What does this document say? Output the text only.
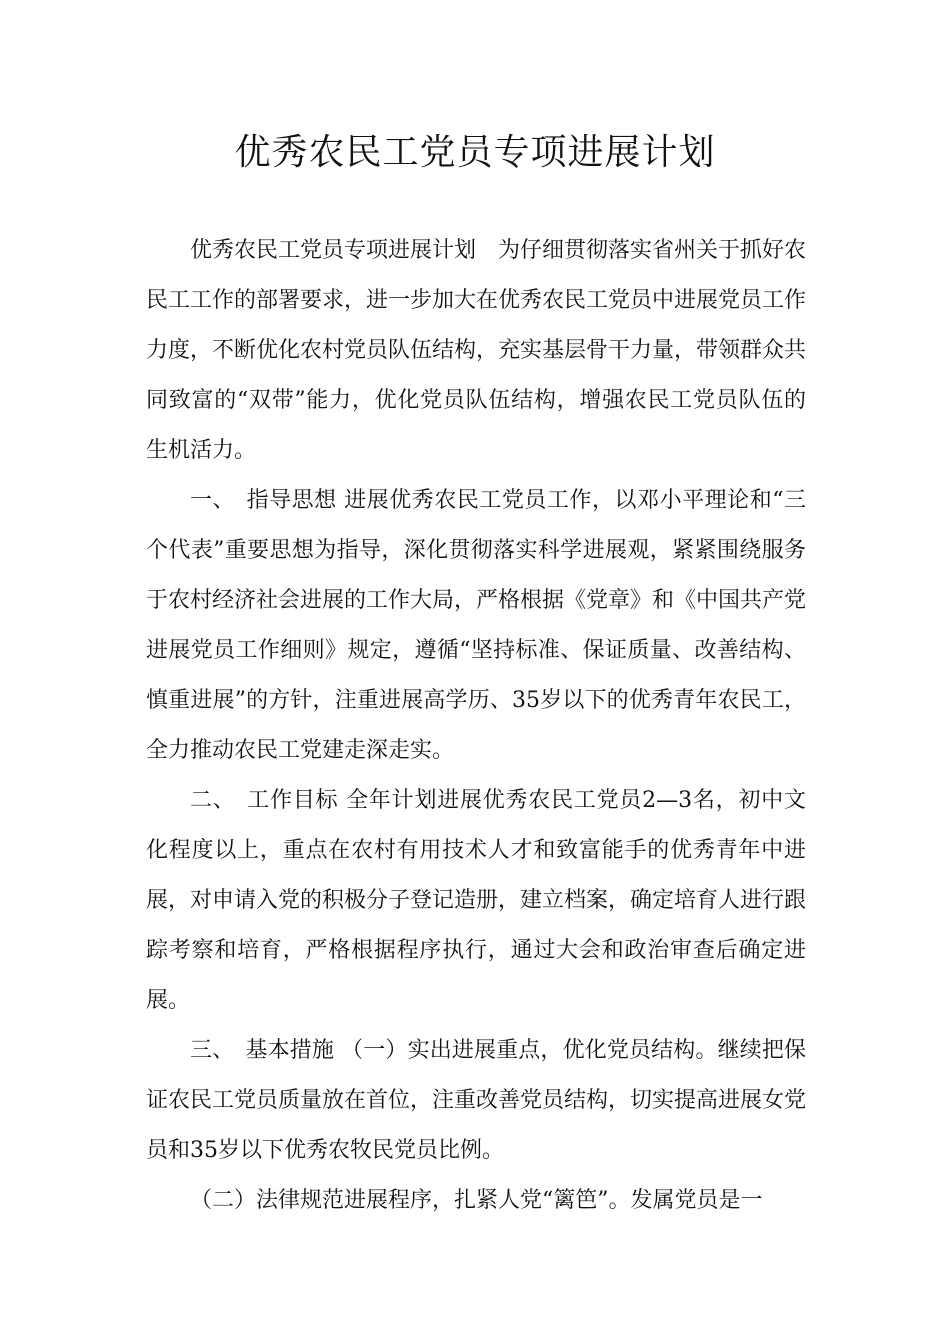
优秀农民工党员专项进展计划

优秀农民工党员专项进展计划　为仔细贯彻落实省州关于抓好农民工工作的部署要求，进一步加大在优秀农民工党员中进展党员工作力度，不断优化农村党员队伍结构，充实基层骨干力量，带领群众共同致富的“双带”能力，优化党员队伍结构，增强农民工党员队伍的生机活力。

一、　指导思想 进展优秀农民工党员工作，以邓小平理论和“三个代表”重要思想为指导，深化贯彻落实科学进展观，紧紧围绕服务于农村经济社会进展的工作大局，严格根据《党章》和《中国共产党进展党员工作细则》规定，遵循“坚持标准、保证质量、改善结构、慎重进展”的方针，注重进展高学历、35岁以下的优秀青年农民工，全力推动农民工党建走深走实。

二、　工作目标 全年计划进展优秀农民工党员2—3名，初中文化程度以上，重点在农村有用技术人才和致富能手的优秀青年中进展，对申请入党的积极分子登记造册，建立档案，确定培育人进行跟踪考察和培育，严格根据程序执行，通过大会和政治审查后确定进展。

三、　基本措施 （一）实出进展重点，优化党员结构。继续把保证农民工党员质量放在首位，注重改善党员结构，切实提高进展女党员和35岁以下优秀农牧民党员比例。

（二）法律规范进展程序，扎紧人党“篱笆”。发属党员是一
